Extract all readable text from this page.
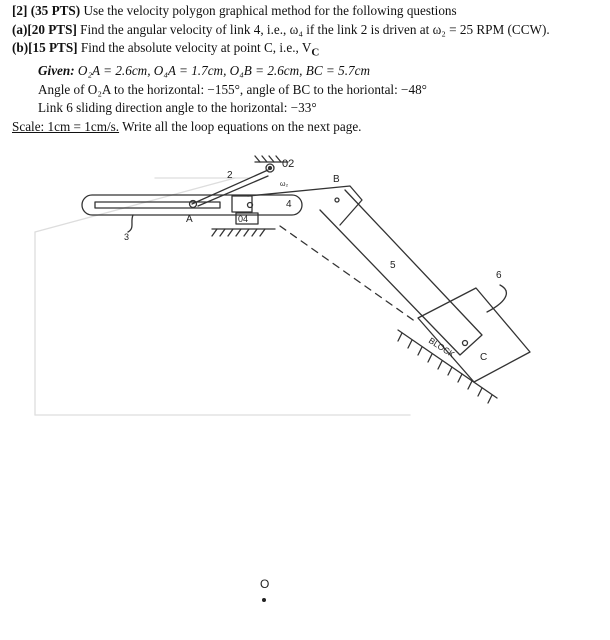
[2] (35 PTS) Use the velocity polygon graphical method for the following questions
(a)[20 PTS] Find the angular velocity of link 4, i.e., ω₄ if the link 2 is driven at ω₂ = 25 RPM (CCW).
(b)[15 PTS] Find the absolute velocity at point C, i.e., $V_C$
Given: O₂A = 2.6cm, O₄A = 1.7cm, O₄B = 2.6cm, BC = 5.7cm
Angle of O₂A to the horizontal: −155°, angle of BC to the horiontal: −48°
Link 6 sliding direction angle to the horizontal: −33°
Scale: 1cm = 1cm/s. Write all the loop equations on the next page.
02
ω₂
2
4
B
A	04
3
5
6
C
BLOCK
O
